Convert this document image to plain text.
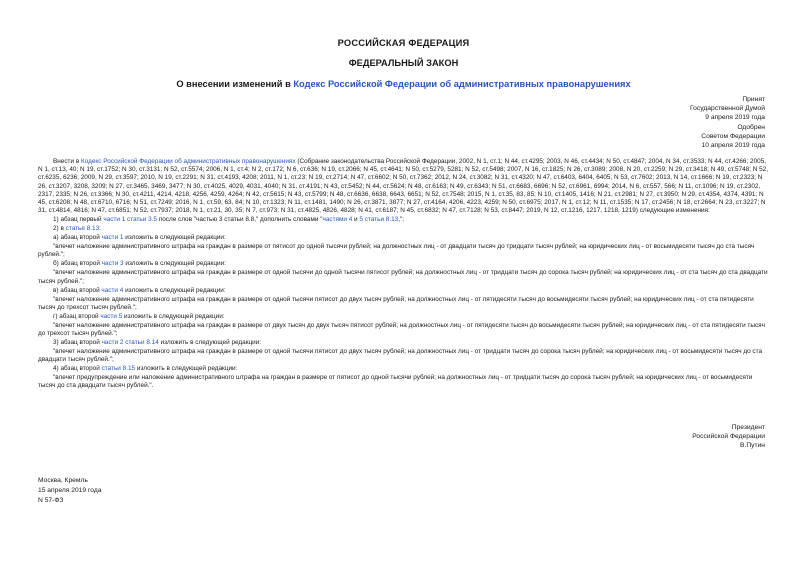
РОССИЙСКАЯ ФЕДЕРАЦИЯ
ФЕДЕРАЛЬНЫЙ ЗАКОН
О внесении изменений в Кодекс Российской Федерации об административных правонарушениях
Принят
Государственной Думой
9 апреля 2019 года
Одобрен
Советом Федерации
10 апреля 2019 года

Внести в Кодекс Российской Федерации об административных правонарушениях (Собрание законодательства Российской Федерации, 2002, N 1, ст.1; N 44, ст.4295; 2003, N 46, ст.4434; N 50, ст.4847; 2004, N 34, ст.3533; N 44, ст.4266; 2005, N 1, ст.13, 40; N 19, ст.1752; N 30, ст.3131; N 52, ст.5574; 2006, N 1, ст.4; N 2, ст.172; N 6, ст.636; N 19, ст.2066; N 45, ст.4641; N 50, ст.5279, 5281; N 52, ст.5498; 2007, N 16, ст.1825; N 26, ст.3089; 2008, N 20, ст.2259; N 29, ст.3418; N 49, ст.5748; N 52, ст.6235, 6236; 2009, N 29, ст.3597; 2010, N 19, ст.2291; N 31, ст.4193, 4208; 2011, N 1, ст.23; N 19, ст.2714; N 47, ст.6602; N 50, ст.7362; 2012, N 24, ст.3082; N 31, ст.4320; N 47, ст.6403, 6404, 6405; N 53, ст.7602; 2013, N 14, ст.1666; N 19, ст.2323; N 26, ст.3207, 3208, 3209; N 27, ст.3465, 3469, 3477; N 30, ст.4025, 4029, 4031, 4040; N 31, ст.4191; N 43, ст.5452; N 44, ст.5624; N 48, ст.6163; N 49, ст.6343; N 51, ст.6683, 6696; N 52, ст.6961, 6994; 2014, N 6, ст.557, 566; N 11, ст.1096; N 19, ст.2302, 2317, 2335; N 26, ст.3366; N 30, ст.4211, 4214, 4218, 4256, 4259, 4264; N 42, ст.5615; N 43, ст.5799; N 48, ст.6636, 6638, 6643, 6651; N 52, ст.7548; 2015, N 1, ст.35, 83, 85; N 10, ст.1405, 1416; N 21, ст.2981; N 27, ст.3950; N 29, ст.4354, 4374, 4391; N 45, ст.6208; N 48, ст.6710, 6716; N 51, ст.7249; 2016, N 1, ст.59, 63, 84; N 10, ст.1323; N 11, ст.1481, 1490; N 26, ст.3871, 3877; N 27, ст.4164, 4206, 4223, 4259; N 50, ст.6975; 2017, N 1, ст.12; N 11, ст.1535; N 17, ст.2456; N 18, ст.2664; N 23, ст.3227; N 31, ст.4814, 4816; N 47, ст.6851; N 52, ст.7937; 2018, N 1, ст.21, 30, 35; N 7, ст.973; N 31, ст.4825, 4826, 4828; N 41, ст.6187; N 45, ст.6832; N 47, ст.7128; N 53, ст.8447; 2019, N 12, ст.1216, 1217, 1218, 1219) следующие изменения:

1) абзац первый части 1 статьи 3.5 после слов "частью 3 статьи 8.8," дополнить словами "частями 4 и 5 статьи 8.13,";

2) в статье 8.13:

а) абзац второй части 1 изложить в следующей редакции:

"влечет наложение административного штрафа на граждан в размере от пятисот до одной тысячи рублей; на должностных лиц - от двадцати тысяч до тридцати тысяч рублей; на юридических лиц - от восьмидесяти тысяч до ста тысяч рублей.";

б) абзац второй части 3 изложить в следующей редакции:

"влечет наложение административного штрафа на граждан в размере от одной тысячи до одной тысячи пятисот рублей; на должностных лиц - от тридцати тысяч до сорока тысяч рублей; на юридических лиц - от ста тысяч до ста двадцати тысяч рублей.";

в) абзац второй части 4 изложить в следующей редакции:

"влечет наложение административного штрафа на граждан в размере от одной тысячи пятисот до двух тысяч рублей; на должностных лиц - от пятидесяти тысяч до восьмидесяти тысяч рублей; на юридических лиц - от ста пятидесяти тысяч до трехсот тысяч рублей.";

г) абзац второй части 5 изложить в следующей редакции:

"влечет наложение административного штрафа на граждан в размере от двух тысяч до двух тысяч пятисот рублей; на должностных лиц - от пятидесяти тысяч до восьмидесяти тысяч рублей; на юридических лиц - от ста пятидесяти тысяч до трехсот тысяч рублей.";

3) абзац второй части 2 статьи 8.14 изложить в следующей редакции:

"влечет наложение административного штрафа на граждан в размере от одной тысячи пятисот до двух тысяч рублей; на должностных лиц - от тридцати тысяч до сорока тысяч рублей; на юридических лиц - от восьмидесяти тысяч до ста двадцати тысяч рублей.";

4) абзац второй статьи 8.15 изложить в следующей редакции:

"влечет предупреждение или наложение административного штрафа на граждан в размере от пятисот до одной тысячи рублей; на должностных лиц - от тридцати тысяч до сорока тысяч рублей; на юридических лиц - от восьмидесяти тысяч до ста двадцати тысяч рублей.".

Президент
Российской Федерации
В.Путин
Москва, Кремль
15 апреля 2019 года
N 57-ФЗ
